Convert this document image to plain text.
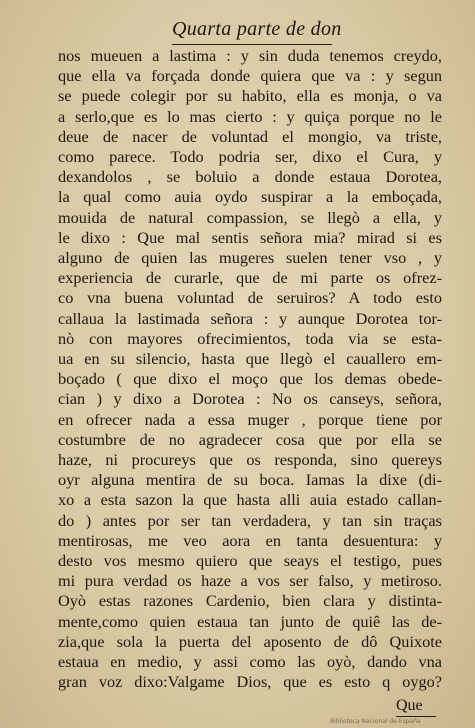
Quarta parte de don
nos mueuen a lastima : y sin duda tenemos creydo,
que ella va forçada donde quiera que va : y segun
se puede colegir por su habito, ella es monja, o va
a serlo,que es lo mas cierto : y quiça porque no le
deue de nacer de voluntad el mongio, va triste,
como parece. Todo podria ser, dixo el Cura, y
dexandolos , se boluio a donde estaua Dorotea,
la qual como auia oydo suspirar a la emboçada,
mouida de natural compassion, se llegò a ella, y
le dixo : Que mal sentis señora mia? mirad si es
alguno de quien las mugeres suelen tener vso , y
experiencia de curarle, que de mi parte os ofrez-
co vna buena voluntad de seruiros? A todo esto
callaua la lastimada señora : y aunque Dorotea tor-
nò con mayores ofrecimientos, toda via se esta-
ua en su silencio, hasta que llegò el cauallero em-
boçado ( que dixo el moço que los demas obede-
cian ) y dixo a Dorotea : No os canseys, señora,
en ofrecer nada a essa muger , porque tiene por
costumbre de no agradecer cosa que por ella se
haze, ni procureys que os responda, sino quereys
oyr alguna mentira de su boca. Iamas la dixe (di-
xo a esta sazon la que hasta alli auia estado callan-
do ) antes por ser tan verdadera, y tan sin traças
mentirosas, me veo aora en tanta desuentura: y
desto vos mesmo quiero que seays el testigo, pues
mi pura verdad os haze a vos ser falso, y metiroso.
Oyò estas razones Cardenio, bien clara y distinta-
mente,como quien estaua tan junto de quiê las de-
zia,que sola la puerta del aposento de dô Quixote
estaua en medio, y assi como las oyò, dando vna
gran voz dixo:Valgame Dios, que es esto q oygo?
Que
Biblioteca Nacional de España
